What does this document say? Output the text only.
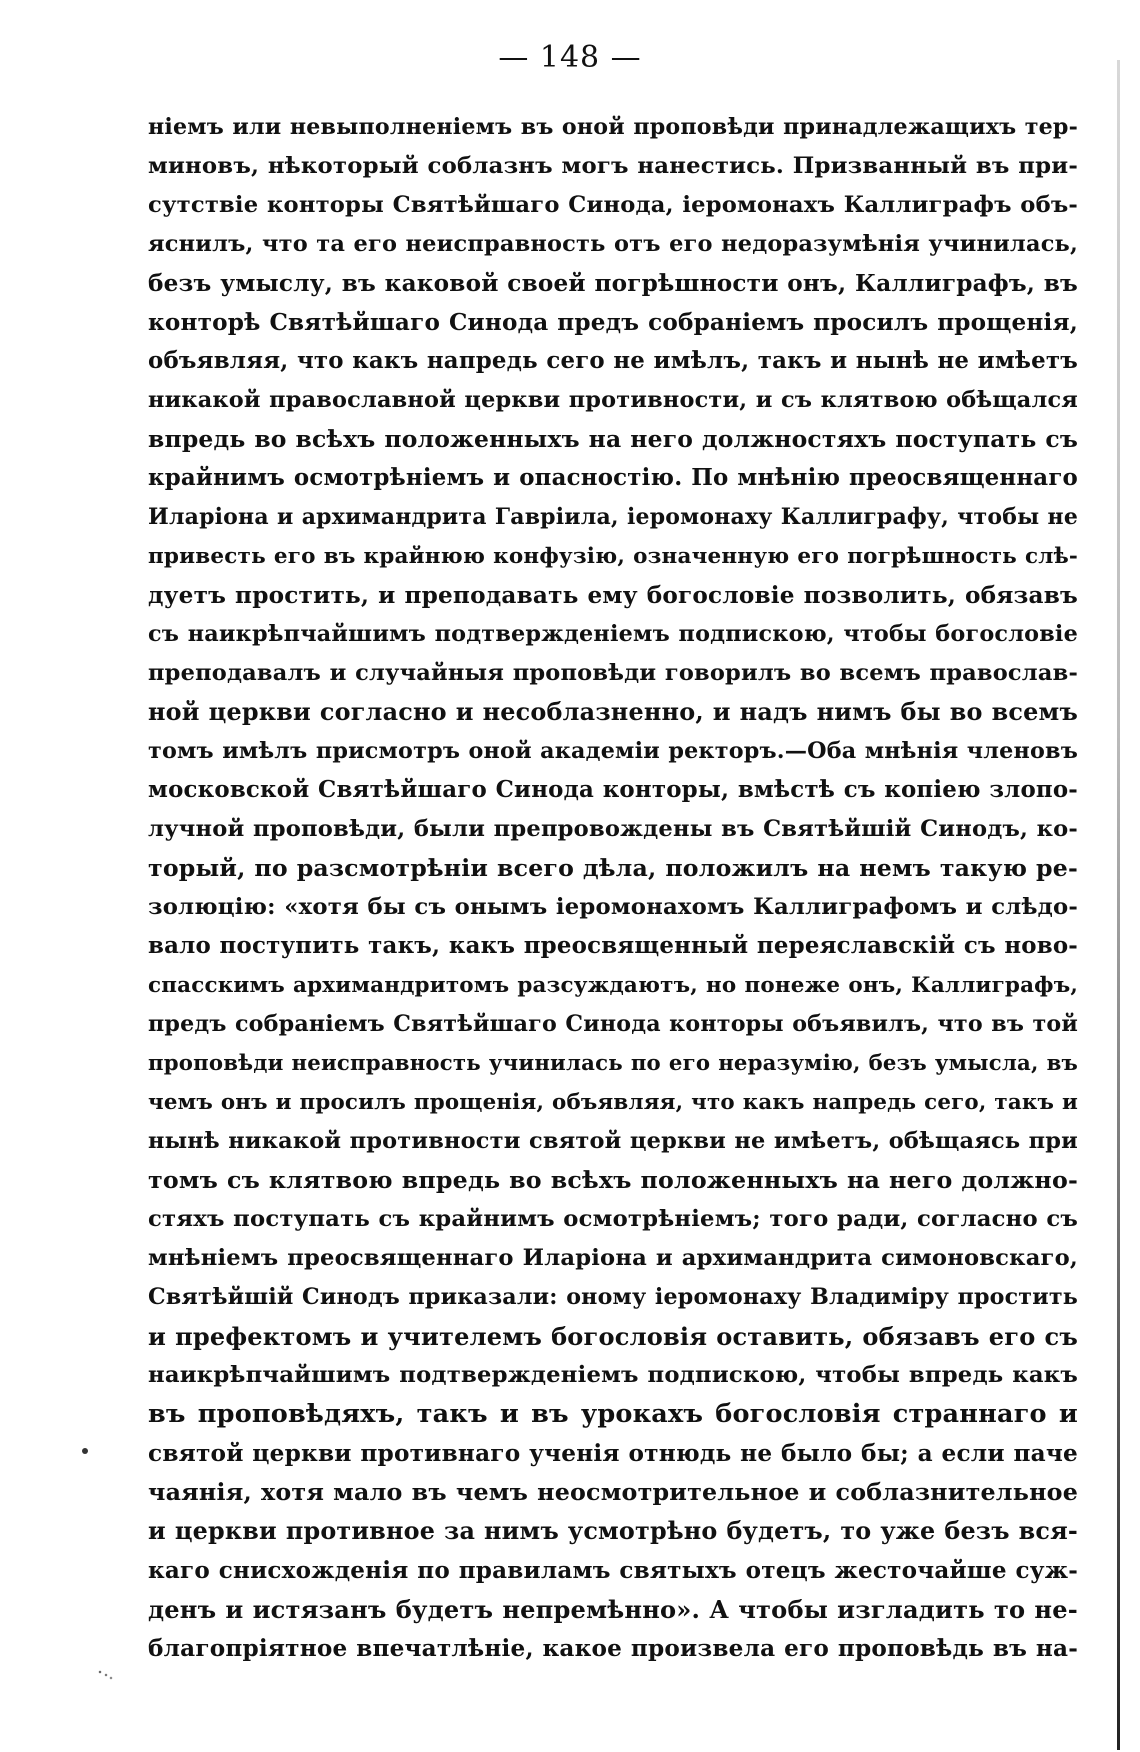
— 148 —
ніемъ или невыполненіемъ въ оной проповѣди принадлежащихъ тер-
миновъ, нѣкоторый соблазнъ могъ нанестись. Призванный въ при-
сутствіе конторы Святѣйшаго Синода, іеромонахъ Каллиграфъ объ-
яснилъ, что та его неисправность отъ его недоразумѣнія учинилась,
безъ умыслу, въ каковой своей погрѣшности онъ, Каллиграфъ, въ
конторѣ Святѣйшаго Синода предъ собраніемъ просилъ прощенія,
объявляя, что какъ напредь сего не имѣлъ, такъ и нынѣ не имѣетъ
никакой православной церкви противности, и съ клятвою обѣщался
впредь во всѣхъ положенныхъ на него должностяхъ поступать съ
крайнимъ осмотрѣніемъ и опасностію. По мнѣнію преосвященнаго
Иларіона и архимандрита Гавріила, іеромонаху Каллиграфу, чтобы не
привесть его въ крайнюю конфузію, означенную его погрѣшность слѣ-
дуетъ простить, и преподавать ему богословіе позволить, обязавъ
съ наикрѣпчайшимъ подтвержденіемъ подпискою, чтобы богословіе
преподавалъ и случайныя проповѣди говорилъ во всемъ православ-
ной церкви согласно и несоблазненно, и надъ нимъ бы во всемъ
томъ имѣлъ присмотръ оной академіи ректоръ.—Оба мнѣнія членовъ
московской Святѣйшаго Синода конторы, вмѣстѣ съ копіею злопо-
лучной проповѣди, были препровождены въ Святѣйшій Синодъ, ко-
торый, по разсмотрѣніи всего дѣла, положилъ на немъ такую ре-
золюцію: «хотя бы съ онымъ іеромонахомъ Каллиграфомъ и слѣдо-
вало поступить такъ, какъ преосвященный переяславскій съ ново-
спасскимъ архимандритомъ разсуждаютъ, но понеже онъ, Каллиграфъ,
предъ собраніемъ Святѣйшаго Синода конторы объявилъ, что въ той
проповѣди неисправность учинилась по его неразумію, безъ умысла, въ
чемъ онъ и просилъ прощенія, объявляя, что какъ напредь сего, такъ и
нынѣ никакой противности святой церкви не имѣетъ, обѣщаясь при
томъ съ клятвою впредь во всѣхъ положенныхъ на него должно-
стяхъ поступать съ крайнимъ осмотрѣніемъ; того ради, согласно съ
мнѣніемъ преосвященнаго Иларіона и архимандрита симоновскаго,
Святѣйшій Синодъ приказали: оному іеромонаху Владиміру простить
и префектомъ и учителемъ богословія оставить, обязавъ его съ
наикрѣпчайшимъ подтвержденіемъ подпискою, чтобы впредь какъ
въ проповѣдяхъ, такъ и въ урокахъ богословія страннаго и
святой церкви противнаго ученія отнюдь не было бы; а если паче
чаянія, хотя мало въ чемъ неосмотрительное и соблазнительное
и церкви противное за нимъ усмотрѣно будетъ, то уже безъ вся-
каго снисхожденія по правиламъ святыхъ отецъ жесточайше суж-
денъ и истязанъ будетъ непремѣнно». А чтобы изгладить то не-
благопріятное впечатлѣніе, какое произвела его проповѣдь въ на-
